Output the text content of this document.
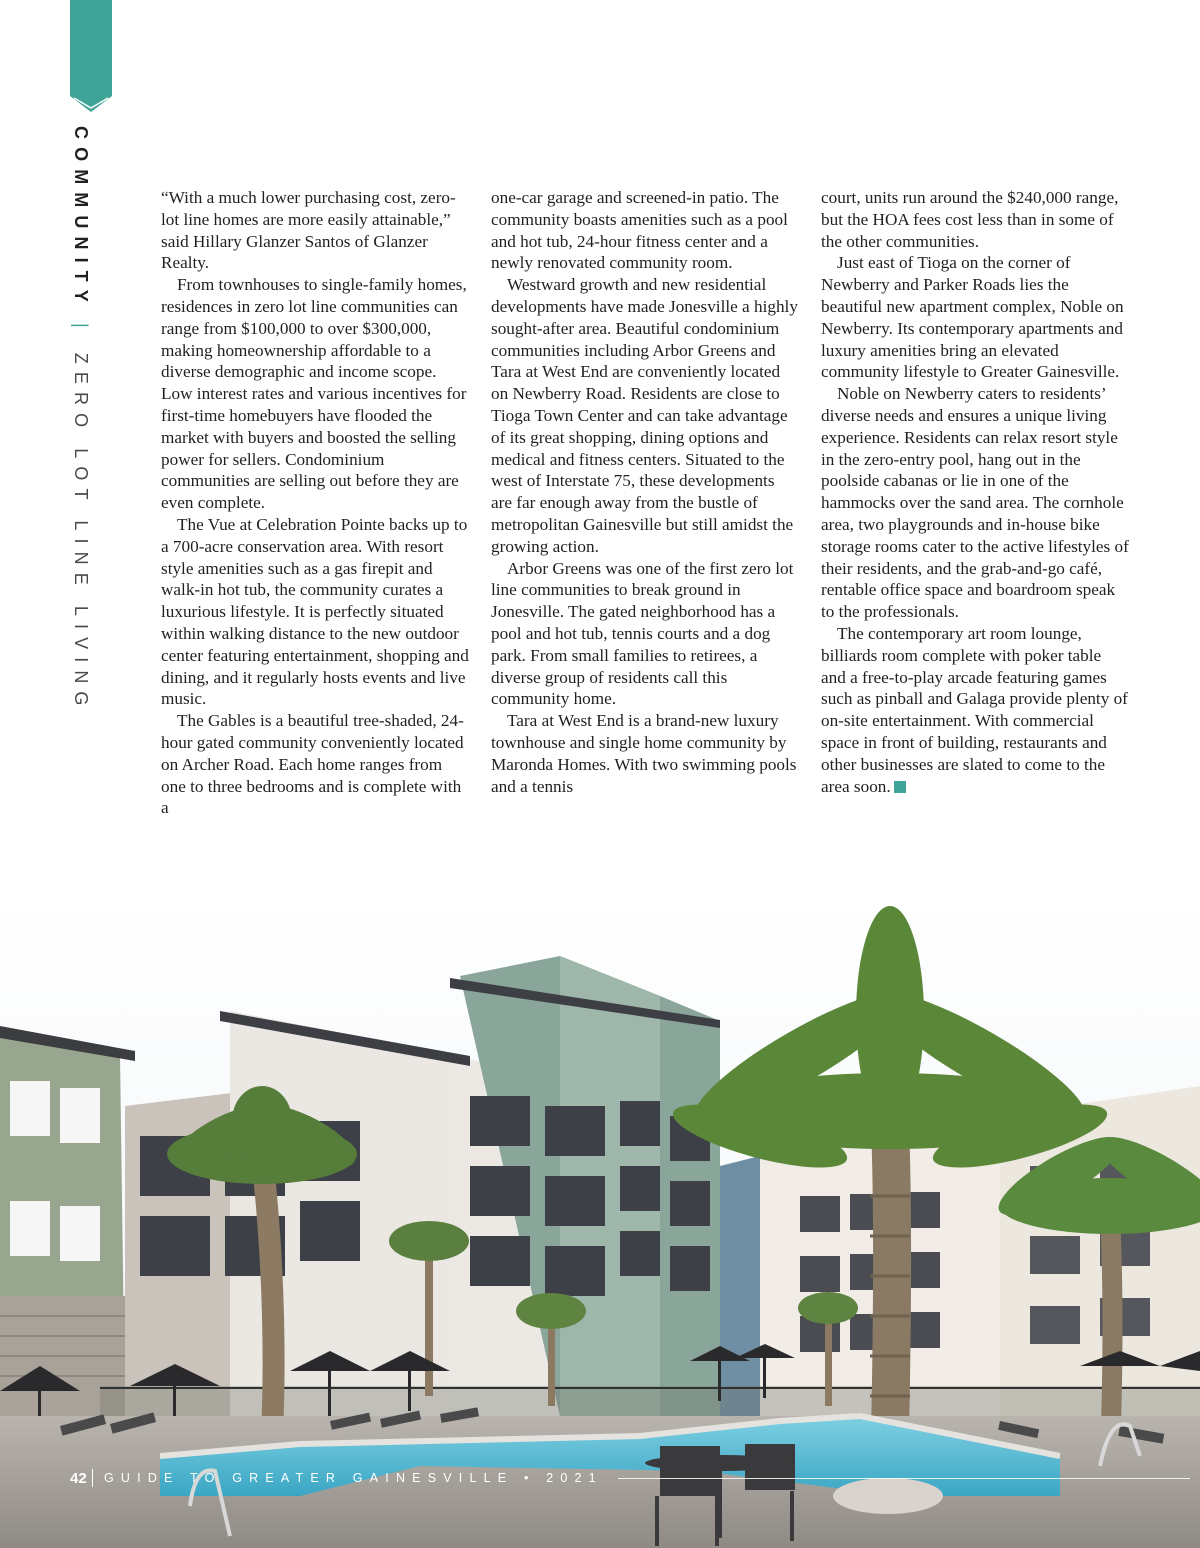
COMMUNITY | ZERO LOT LINE LIVING

“With a much lower purchasing cost, zero-lot line homes are more easily attainable,” said Hillary Glanzer Santos of Glanzer Realty.

From townhouses to single-family homes, residences in zero lot line communities can range from $100,000 to over $300,000, making homeownership affordable to a diverse demographic and income scope. Low interest rates and various incentives for first-time homebuyers have flooded the market with buyers and boosted the selling power for sellers. Condominium communities are selling out before they are even complete.

The Vue at Celebration Pointe backs up to a 700-acre conservation area. With resort style amenities such as a gas firepit and walk-in hot tub, the community curates a luxurious lifestyle. It is perfectly situated within walking distance to the new outdoor center featuring entertainment, shopping and dining, and it regularly hosts events and live music.

The Gables is a beautiful tree-shaded, 24-hour gated community conveniently located on Archer Road. Each home ranges from one to three bedrooms and is complete with a

one-car garage and screened-in patio. The community boasts amenities such as a pool and hot tub, 24-hour fitness center and a newly renovated community room.

Westward growth and new residential developments have made Jonesville a highly sought-after area. Beautiful condominium communities including Arbor Greens and Tara at West End are conveniently located on Newberry Road. Residents are close to Tioga Town Center and can take advantage of its great shopping, dining options and medical and fitness centers. Situated to the west of Interstate 75, these developments are far enough away from the bustle of metropolitan Gainesville but still amidst the growing action.

Arbor Greens was one of the first zero lot line communities to break ground in Jonesville. The gated neighborhood has a pool and hot tub, tennis courts and a dog park. From small families to retirees, a diverse group of residents call this community home.

Tara at West End is a brand-new luxury townhouse and single home community by Maronda Homes. With two swimming pools and a tennis

court, units run around the $240,000 range, but the HOA fees cost less than in some of the other communities.

Just east of Tioga on the corner of Newberry and Parker Roads lies the beautiful new apartment complex, Noble on Newberry. Its contemporary apartments and luxury amenities bring an elevated community lifestyle to Greater Gainesville.

Noble on Newberry caters to residents’ diverse needs and ensures a unique living experience. Residents can relax resort style in the zero-entry pool, hang out in the poolside cabanas or lie in one of the hammocks over the sand area. The cornhole area, two playgrounds and in-house bike storage rooms cater to the active lifestyles of their residents, and the grab-and-go café, rentable office space and boardroom speak to the professionals.

The contemporary art room lounge, billiards room complete with poker table and a free-to-play arcade featuring games such as pinball and Galaga provide plenty of on-site entertainment. With commercial space in front of building, restaurants and other businesses are slated to come to the area soon.

42 GUIDE TO GREATER GAINESVILLE • 2021
